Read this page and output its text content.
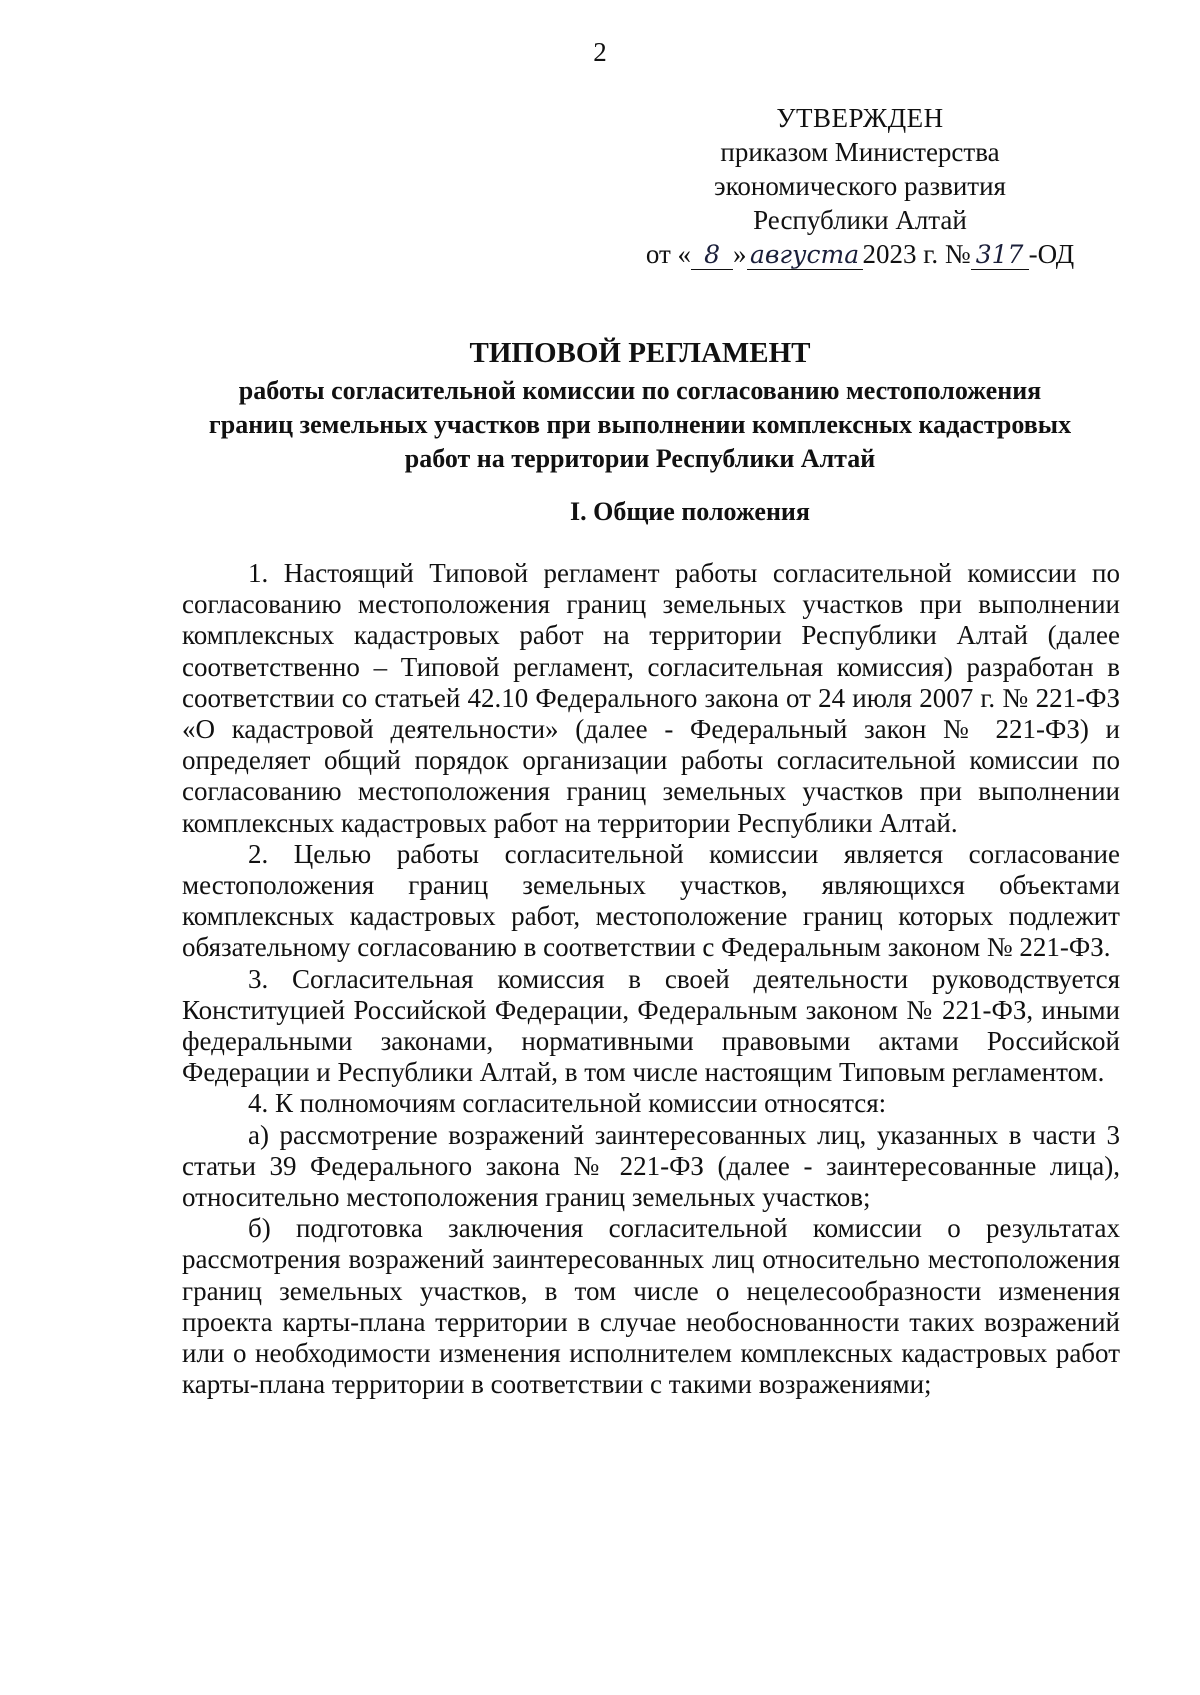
2
УТВЕРЖДЕН
приказом Министерства
экономического развития
Республики Алтай
от « 8 » августа 2023 г. № 317 -ОД
ТИПОВОЙ РЕГЛАМЕНТ
работы согласительной комиссии по согласованию местоположения границ земельных участков при выполнении комплексных кадастровых работ на территории Республики Алтай
I. Общие положения

1. Настоящий Типовой регламент работы согласительной комиссии по согласованию местоположения границ земельных участков при выполнении комплексных кадастровых работ на территории Республики Алтай (далее соответственно – Типовой регламент, согласительная комиссия) разработан в соответствии со статьей 42.10 Федерального закона от 24 июля 2007 г. № 221-ФЗ «О кадастровой деятельности» (далее - Федеральный закон № 221-ФЗ) и определяет общий порядок организации работы согласительной комиссии по согласованию местоположения границ земельных участков при выполнении комплексных кадастровых работ на территории Республики Алтай.

2. Целью работы согласительной комиссии является согласование местоположения границ земельных участков, являющихся объектами комплексных кадастровых работ, местоположение границ которых подлежит обязательному согласованию в соответствии с Федеральным законом № 221-ФЗ.

3. Согласительная комиссия в своей деятельности руководствуется Конституцией Российской Федерации, Федеральным законом № 221-ФЗ, иными федеральными законами, нормативными правовыми актами Российской Федерации и Республики Алтай, в том числе настоящим Типовым регламентом.

4. К полномочиям согласительной комиссии относятся:

а) рассмотрение возражений заинтересованных лиц, указанных в части 3 статьи 39 Федерального закона № 221-ФЗ (далее - заинтересованные лица), относительно местоположения границ земельных участков;

б) подготовка заключения согласительной комиссии о результатах рассмотрения возражений заинтересованных лиц относительно местоположения границ земельных участков, в том числе о нецелесообразности изменения проекта карты-плана территории в случае необоснованности таких возражений или о необходимости изменения исполнителем комплексных кадастровых работ карты-плана территории в соответствии с такими возражениями;
